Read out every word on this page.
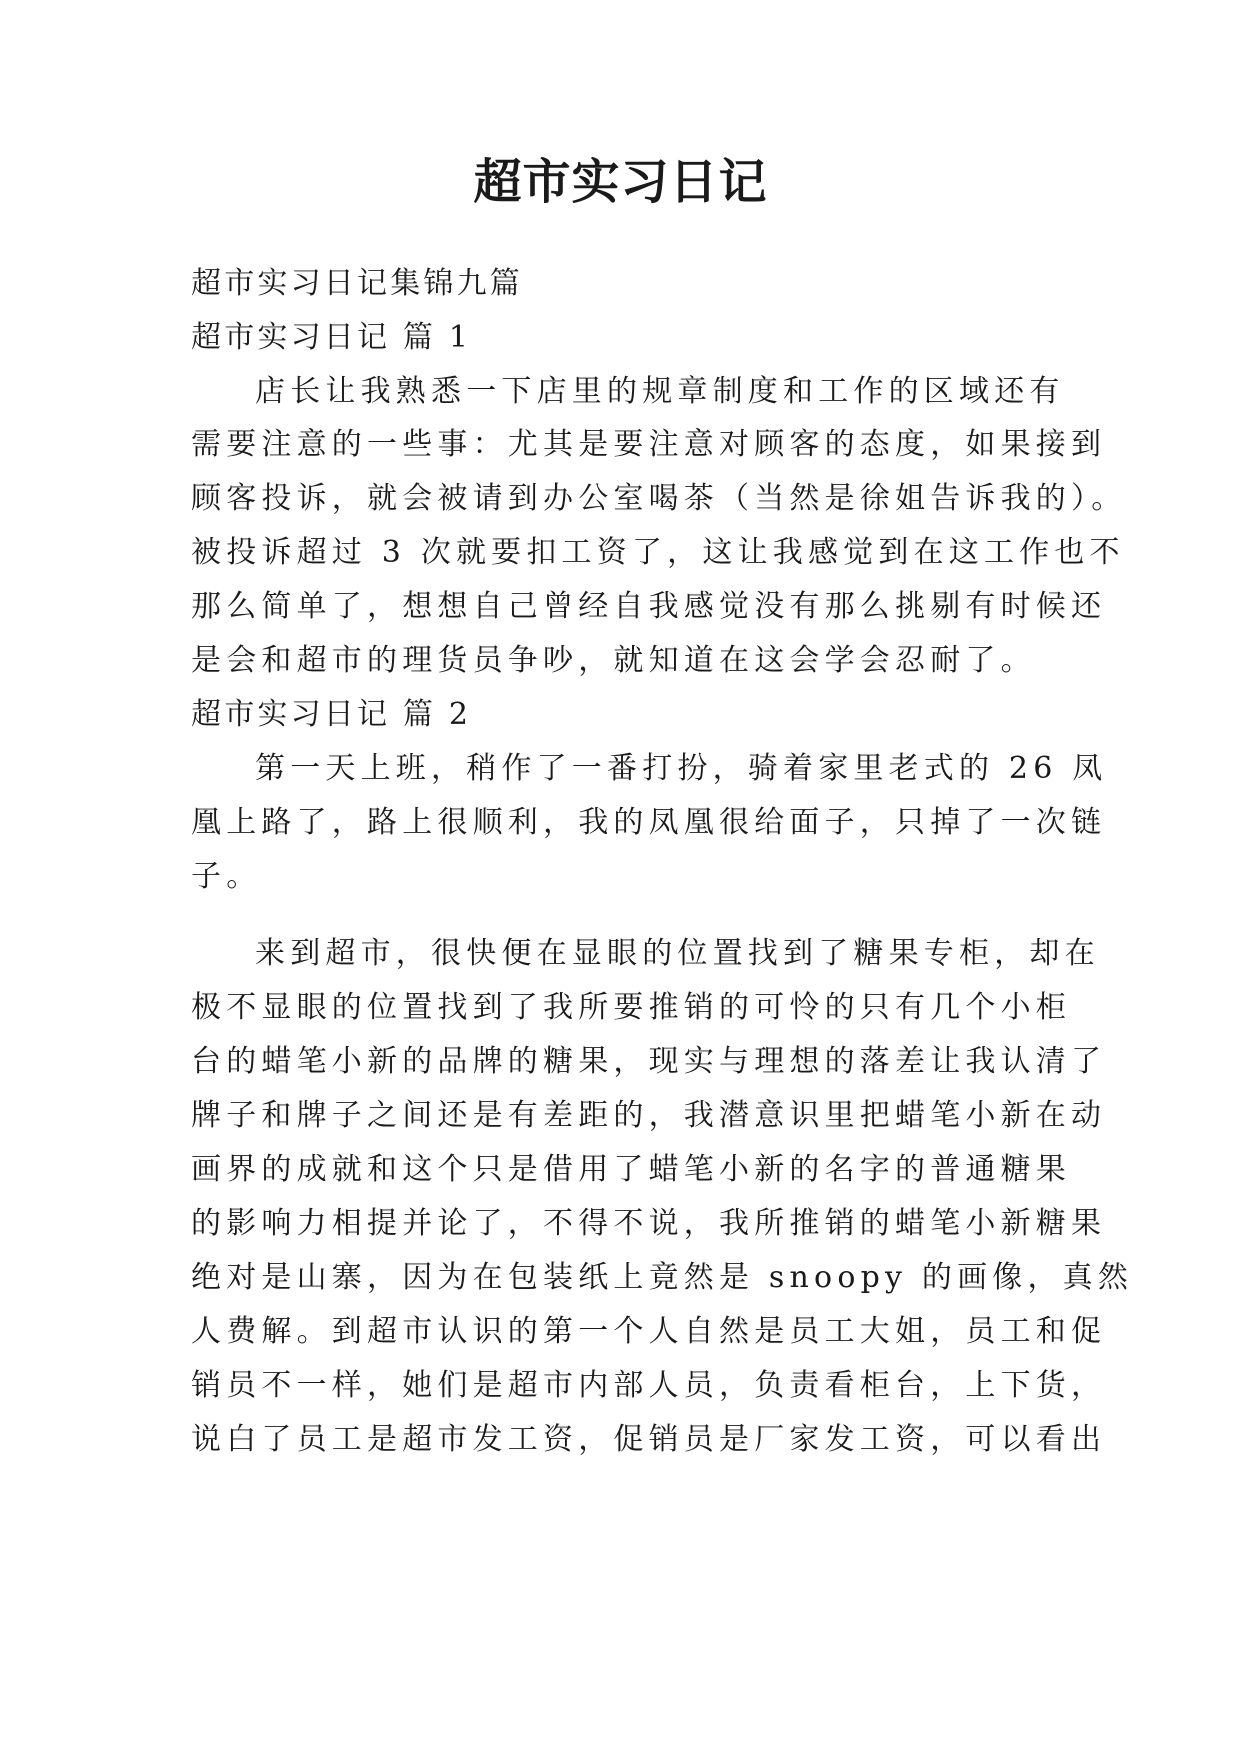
超市实习日记
超市实习日记集锦九篇
超市实习日记 篇 1
店长让我熟悉一下店里的规章制度和工作的区域还有
需要注意的一些事：尤其是要注意对顾客的态度，如果接到
顾客投诉，就会被请到办公室喝茶（当然是徐姐告诉我的）。
被投诉超过 3 次就要扣工资了，这让我感觉到在这工作也不
那么简单了，想想自己曾经自我感觉没有那么挑剔有时候还
是会和超市的理货员争吵，就知道在这会学会忍耐了。
超市实习日记 篇 2
第一天上班，稍作了一番打扮，骑着家里老式的 26 凤
凰上路了，路上很顺利，我的凤凰很给面子，只掉了一次链
子。
来到超市，很快便在显眼的位置找到了糖果专柜，却在
极不显眼的位置找到了我所要推销的可怜的只有几个小柜
台的蜡笔小新的品牌的糖果，现实与理想的落差让我认清了
牌子和牌子之间还是有差距的，我潜意识里把蜡笔小新在动
画界的成就和这个只是借用了蜡笔小新的名字的普通糖果
的影响力相提并论了，不得不说，我所推销的蜡笔小新糖果
绝对是山寨，因为在包装纸上竟然是 snoopy 的画像，真然
人费解。到超市认识的第一个人自然是员工大姐，员工和促
销员不一样，她们是超市内部人员，负责看柜台，上下货，
说白了员工是超市发工资，促销员是厂家发工资，可以看出
